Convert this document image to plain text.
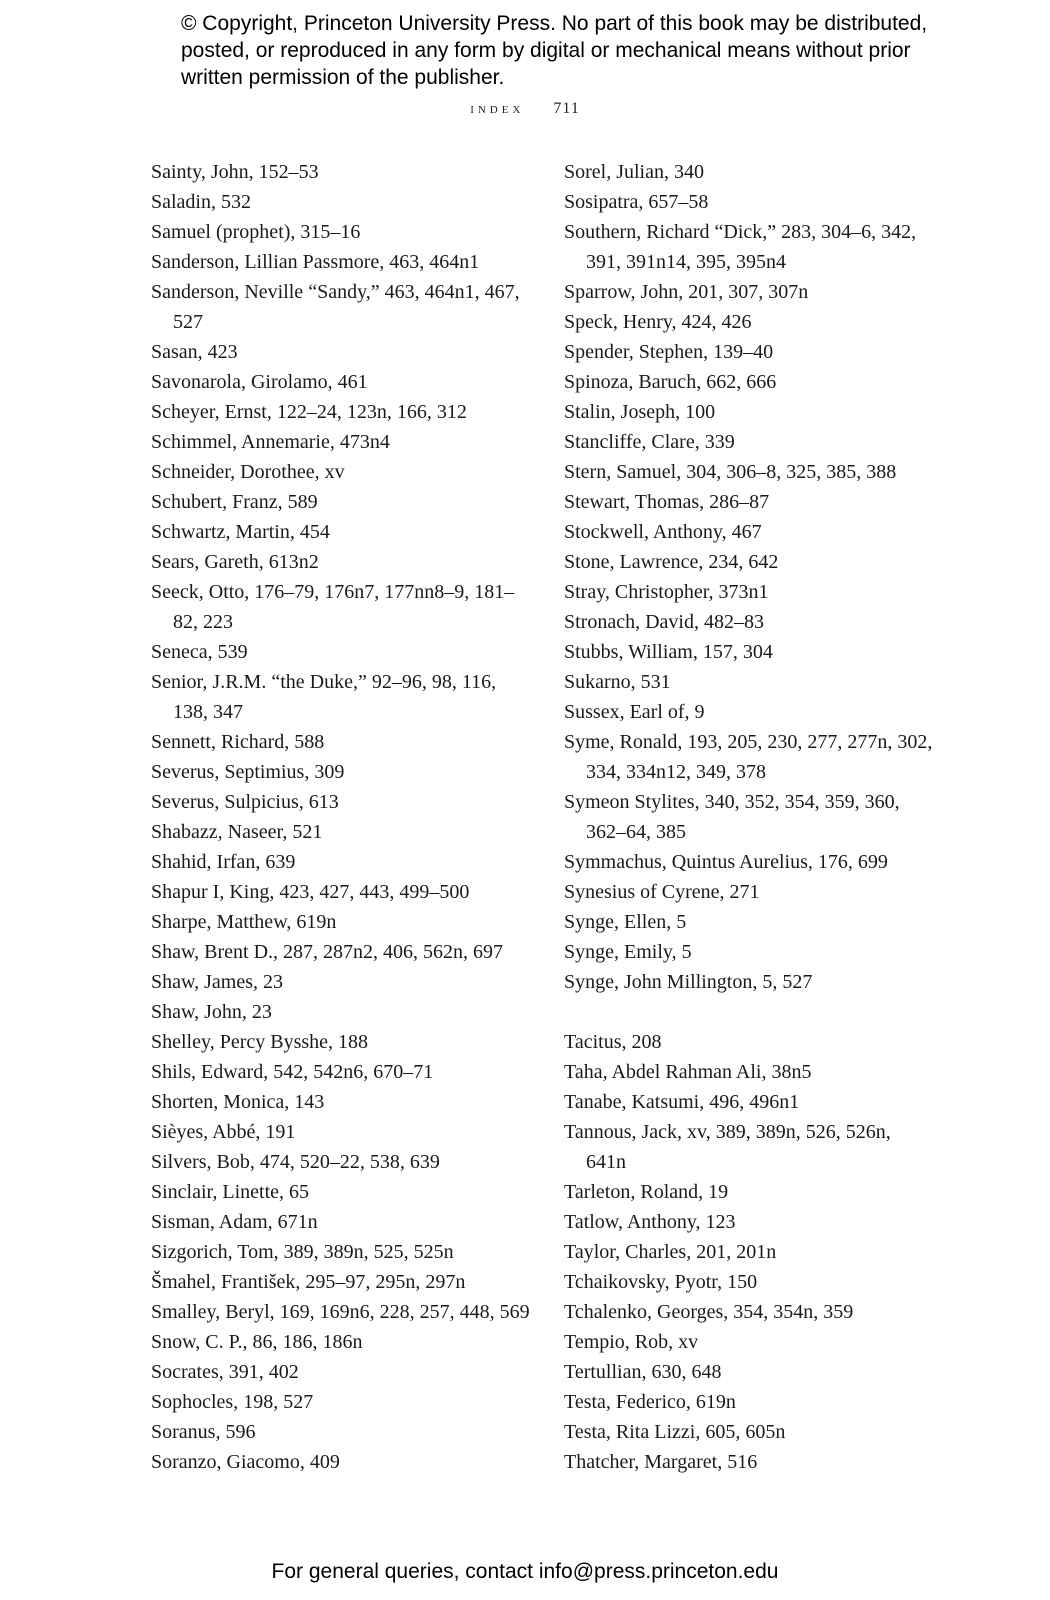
© Copyright, Princeton University Press. No part of this book may be distributed, posted, or reproduced in any form by digital or mechanical means without prior written permission of the publisher.
index 711
Sainty, John, 152–53
Saladin, 532
Samuel (prophet), 315–16
Sanderson, Lillian Passmore, 463, 464n1
Sanderson, Neville “Sandy,” 463, 464n1, 467, 527
Sasan, 423
Savonarola, Girolamo, 461
Scheyer, Ernst, 122–24, 123n, 166, 312
Schimmel, Annemarie, 473n4
Schneider, Dorothee, xv
Schubert, Franz, 589
Schwartz, Martin, 454
Sears, Gareth, 613n2
Seeck, Otto, 176–79, 176n7, 177nn8–9, 181–82, 223
Seneca, 539
Senior, J.R.M. “the Duke,” 92–96, 98, 116, 138, 347
Sennett, Richard, 588
Severus, Septimius, 309
Severus, Sulpicius, 613
Shabazz, Naseer, 521
Shahid, Irfan, 639
Shapur I, King, 423, 427, 443, 499–500
Sharpe, Matthew, 619n
Shaw, Brent D., 287, 287n2, 406, 562n, 697
Shaw, James, 23
Shaw, John, 23
Shelley, Percy Bysshe, 188
Shils, Edward, 542, 542n6, 670–71
Shorten, Monica, 143
Sièyes, Abbé, 191
Silvers, Bob, 474, 520–22, 538, 639
Sinclair, Linette, 65
Sisman, Adam, 671n
Sizgorich, Tom, 389, 389n, 525, 525n
Šmahel, František, 295–97, 295n, 297n
Smalley, Beryl, 169, 169n6, 228, 257, 448, 569
Snow, C. P., 86, 186, 186n
Socrates, 391, 402
Sophocles, 198, 527
Soranus, 596
Soranzo, Giacomo, 409
Sorel, Julian, 340
Sosipatra, 657–58
Southern, Richard “Dick,” 283, 304–6, 342, 391, 391n14, 395, 395n4
Sparrow, John, 201, 307, 307n
Speck, Henry, 424, 426
Spender, Stephen, 139–40
Spinoza, Baruch, 662, 666
Stalin, Joseph, 100
Stancliffe, Clare, 339
Stern, Samuel, 304, 306–8, 325, 385, 388
Stewart, Thomas, 286–87
Stockwell, Anthony, 467
Stone, Lawrence, 234, 642
Stray, Christopher, 373n1
Stronach, David, 482–83
Stubbs, William, 157, 304
Sukarno, 531
Sussex, Earl of, 9
Syme, Ronald, 193, 205, 230, 277, 277n, 302, 334, 334n12, 349, 378
Symeon Stylites, 340, 352, 354, 359, 360, 362–64, 385
Symmachus, Quintus Aurelius, 176, 699
Synesius of Cyrene, 271
Synge, Ellen, 5
Synge, Emily, 5
Synge, John Millington, 5, 527
Tacitus, 208
Taha, Abdel Rahman Ali, 38n5
Tanabe, Katsumi, 496, 496n1
Tannous, Jack, xv, 389, 389n, 526, 526n, 641n
Tarleton, Roland, 19
Tatlow, Anthony, 123
Taylor, Charles, 201, 201n
Tchaikovsky, Pyotr, 150
Tchalenko, Georges, 354, 354n, 359
Tempio, Rob, xv
Tertullian, 630, 648
Testa, Federico, 619n
Testa, Rita Lizzi, 605, 605n
Thatcher, Margaret, 516
For general queries, contact info@press.princeton.edu
